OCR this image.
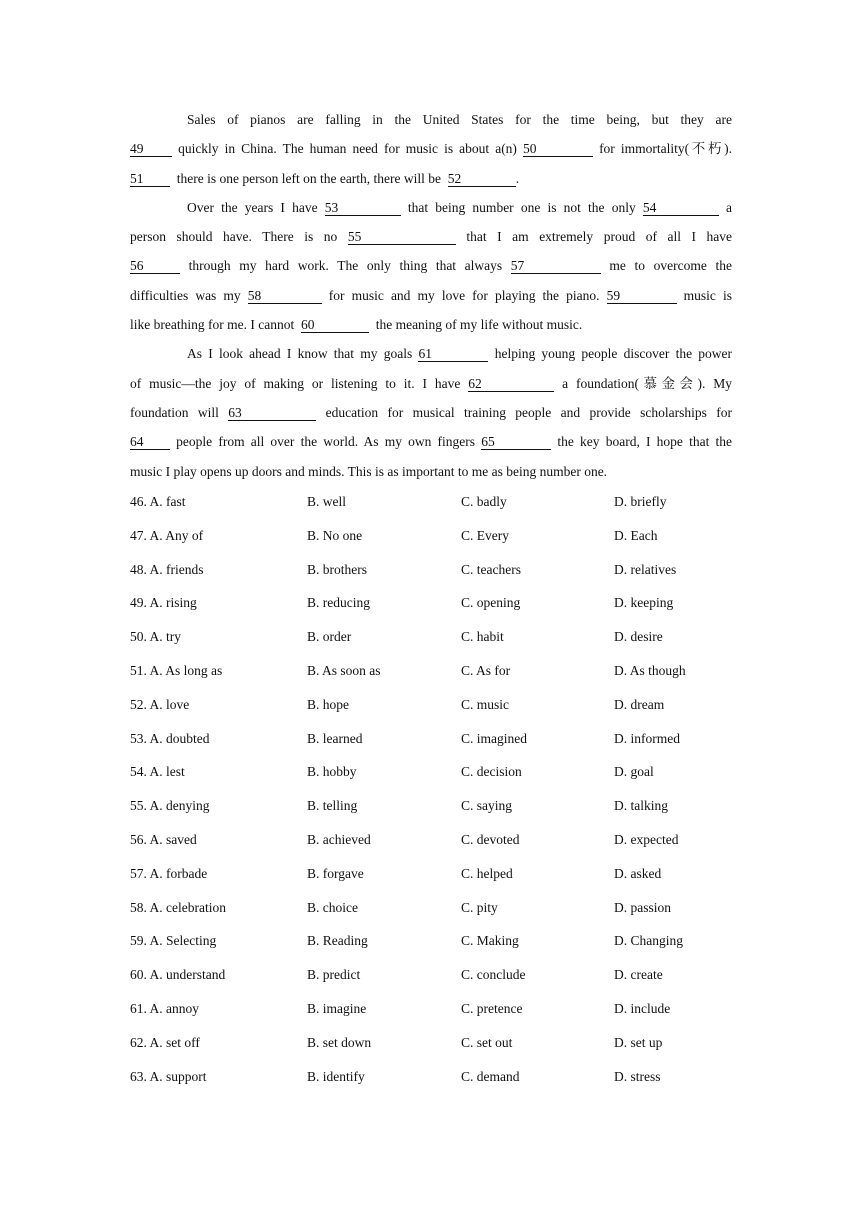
Sales of pianos are falling in the United States for the time being, but they are
49	quickly in China. The human need for music is about a(n) 50	for immortality(不朽).
51 there is one person left on the earth, there will be 52	.
Over the years I have 53	that being number one is not the only 54	a
person should have. There is no 55	that I am extremely proud of all I have
56	through my hard work. The only thing that always 57	me to overcome the
difficulties was my 58	for music and my love for playing the piano. 59	music is
like breathing for me. I cannot 60	the meaning of my life without music.
As I look ahead I know that my goals 61	helping young people discover the power
of music—the joy of making or listening to it. I have 62	a foundation(慕金会). My
foundation will 63	education for musical training people and provide scholarships for
64 people from all over the world. As my own fingers 65	the key board, I hope that the
music I play opens up doors and minds. This is as important to me as being number one.
46. A. fast	B. well	C. badly	D. briefly
47. A. Any of	B. No one	C. Every	D. Each
48. A. friends	B. brothers	C. teachers	D. relatives
49. A. rising	B. reducing	C. opening	D. keeping
50. A. try	B. order	C. habit	D. desire
51. A. As long as	B. As soon as	C. As for	D. As though
52. A. love	B. hope	C. music	D. dream
53. A. doubted	B. learned	C. imagined	D. informed
54. A. lest	B. hobby	C. decision	D. goal
55. A. denying	B. telling	C. saying	D. talking
56. A. saved	B. achieved	C. devoted	D. expected
57. A. forbade	B. forgave	C. helped	D. asked
58. A. celebration	B. choice	C. pity	D. passion
59. A. Selecting	B. Reading	C. Making	D. Changing
60. A. understand	B. predict	C. conclude	D. create
61. A. annoy	B. imagine	C. pretence	D. include
62. A. set off	B. set down	C. set out	D. set up
63. A. support	B. identify	C. demand	D. stress
